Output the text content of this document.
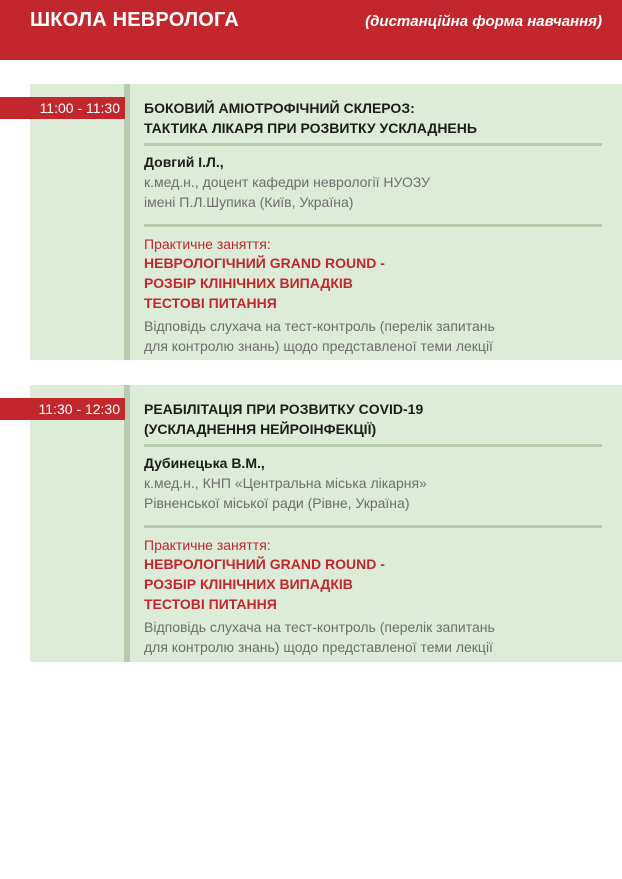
ШКОЛА НЕВРОЛОГА	(дистанційна форма навчання)
11:00 - 11:30	БОКОВИЙ АМІОТРОФІЧНИЙ СКЛЕРОЗ:
ТАКТИКА ЛІКАРЯ ПРИ РОЗВИТКУ УСКЛАДНЕНЬ
Довгий І.Л.,
к.мед.н., доцент кафедри неврології НУОЗУ
імені П.Л.Шупика (Київ, Україна)
Практичне заняття:
НЕВРОЛОГІЧНИЙ GRAND ROUND -
РОЗБІР КЛІНІЧНИХ ВИПАДКІВ
ТЕСТОВІ ПИТАННЯ
Відповідь слухача на тест-контроль (перелік запитань
для контролю знань) щодо представленої теми лекції
11:30 - 12:30	РЕАБІЛІТАЦІЯ ПРИ РОЗВИТКУ COVID-19
(УСКЛАДНЕННЯ НЕЙРОІНФЕКЦІЇ)
Дубинецька В.М.,
к.мед.н., КНП «Центральна міська лікарня»
Рівненської міської ради (Рівне, Україна)
Практичне заняття:
НЕВРОЛОГІЧНИЙ GRAND ROUND -
РОЗБІР КЛІНІЧНИХ ВИПАДКІВ
ТЕСТОВІ ПИТАННЯ
Відповідь слухача на тест-контроль (перелік запитань
для контролю знань) щодо представленої теми лекції
